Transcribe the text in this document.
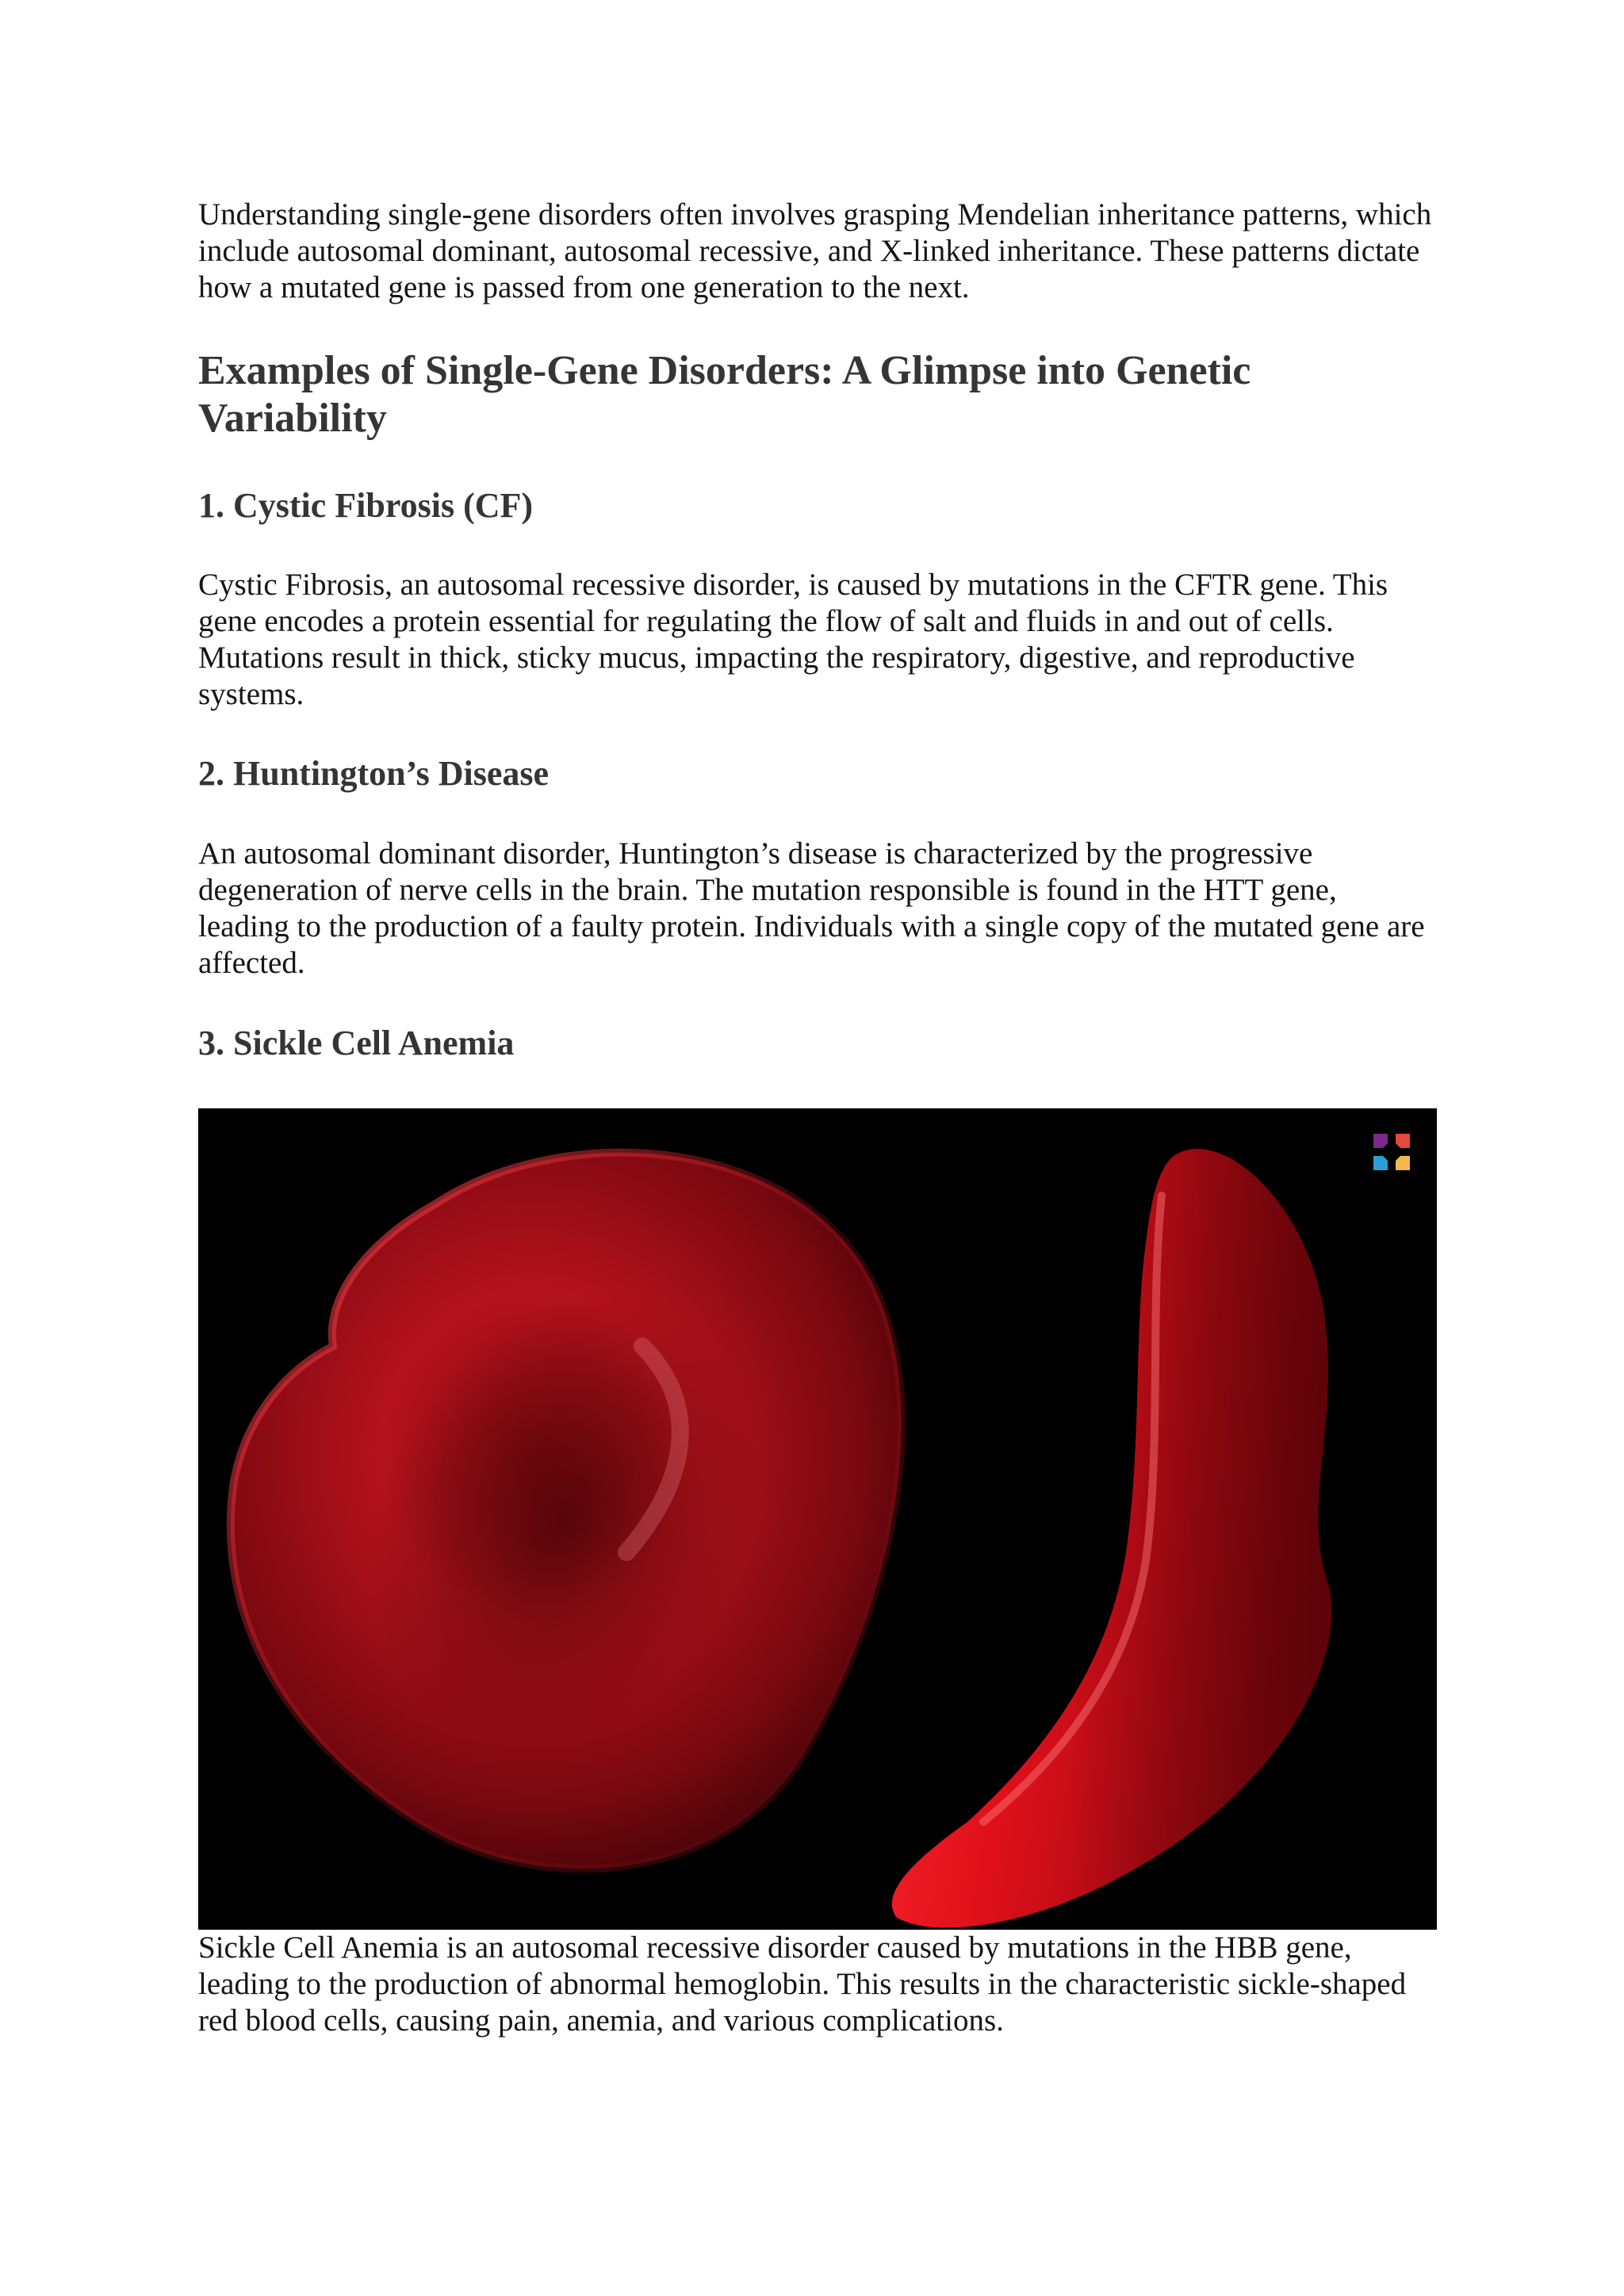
Understanding single-gene disorders often involves grasping Mendelian inheritance patterns, which include autosomal dominant, autosomal recessive, and X-linked inheritance. These patterns dictate how a mutated gene is passed from one generation to the next.

Examples of Single-Gene Disorders: A Glimpse into Genetic Variability
1. Cystic Fibrosis (CF)

Cystic Fibrosis, an autosomal recessive disorder, is caused by mutations in the CFTR gene. This gene encodes a protein essential for regulating the flow of salt and fluids in and out of cells. Mutations result in thick, sticky mucus, impacting the respiratory, digestive, and reproductive systems.

2. Huntington’s Disease

An autosomal dominant disorder, Huntington’s disease is characterized by the progressive degeneration of nerve cells in the brain. The mutation responsible is found in the HTT gene, leading to the production of a faulty protein. Individuals with a single copy of the mutated gene are affected.

3. Sickle Cell Anemia

Sickle Cell Anemia is an autosomal recessive disorder caused by mutations in the HBB gene, leading to the production of abnormal hemoglobin. This results in the characteristic sickle-shaped red blood cells, causing pain, anemia, and various complications.
